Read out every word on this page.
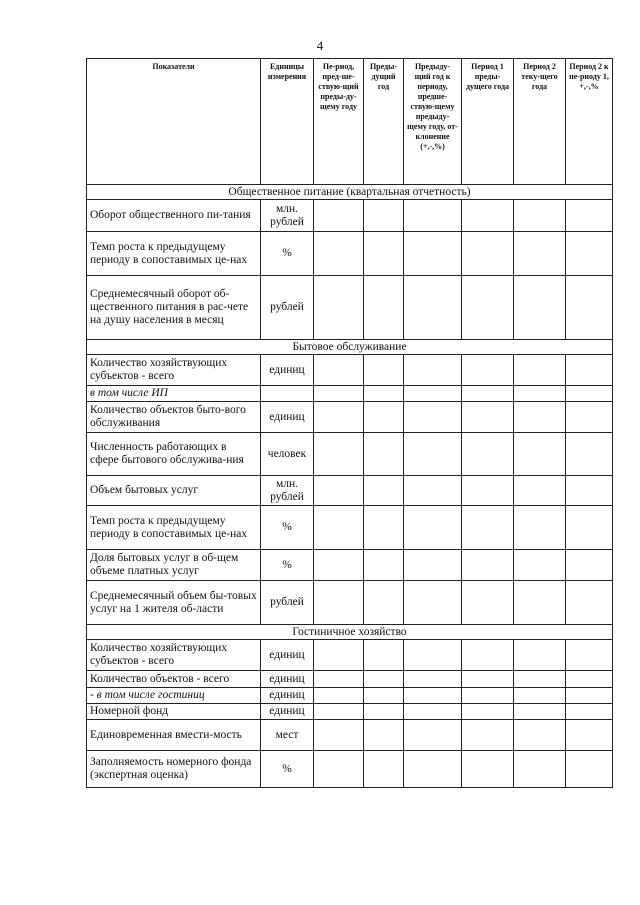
4
Показатели	Единицы измерения	Пе-риод, пред-ше-ствую-щий преды-ду-щему году	Преды-дущий год	Предыду-щий год к периоду, предше-ствую-щему предыду-щему году, от-клонение (+,-,%)	Период 1 преды-дущего года	Период 2 теку-щего года	Период 2 к пе-риоду 1, +,-,%
Общественное питание (квартальная отчетность)							
Оборот общественного пи-тания	млн. рублей						
Темп роста к предыдущему периоду в сопоставимых це-нах	%						
Среднемесячный оборот об-щественного питания в рас-чете на душу населения в месяц	рублей						
Бытовое обслуживание							
Количество хозяйствующих субъектов - всего	единиц						
в том числе ИП							
Количество объектов быто-вого обслуживания	единиц						
Численность работающих в сфере бытового обслужива-ния	человек						
Объем бытовых услуг	млн. рублей						
Темп роста к предыдущему периоду в сопоставимых це-нах	%						
Доля бытовых услуг в об-щем объеме платных услуг	%						
Среднемесячный объем бы-товых услуг на 1 жителя об-ласти	рублей						
Гостиничное хозяйство							
Количество хозяйствующих субъектов - всего	единиц						
Количество объектов - всего	единиц						
- в том числе гостиниц	единиц						
Номерной фонд	единиц						
Единовременная вмести-мость	мест						
Заполняемость номерного фонда (экспертная оценка)	%						
